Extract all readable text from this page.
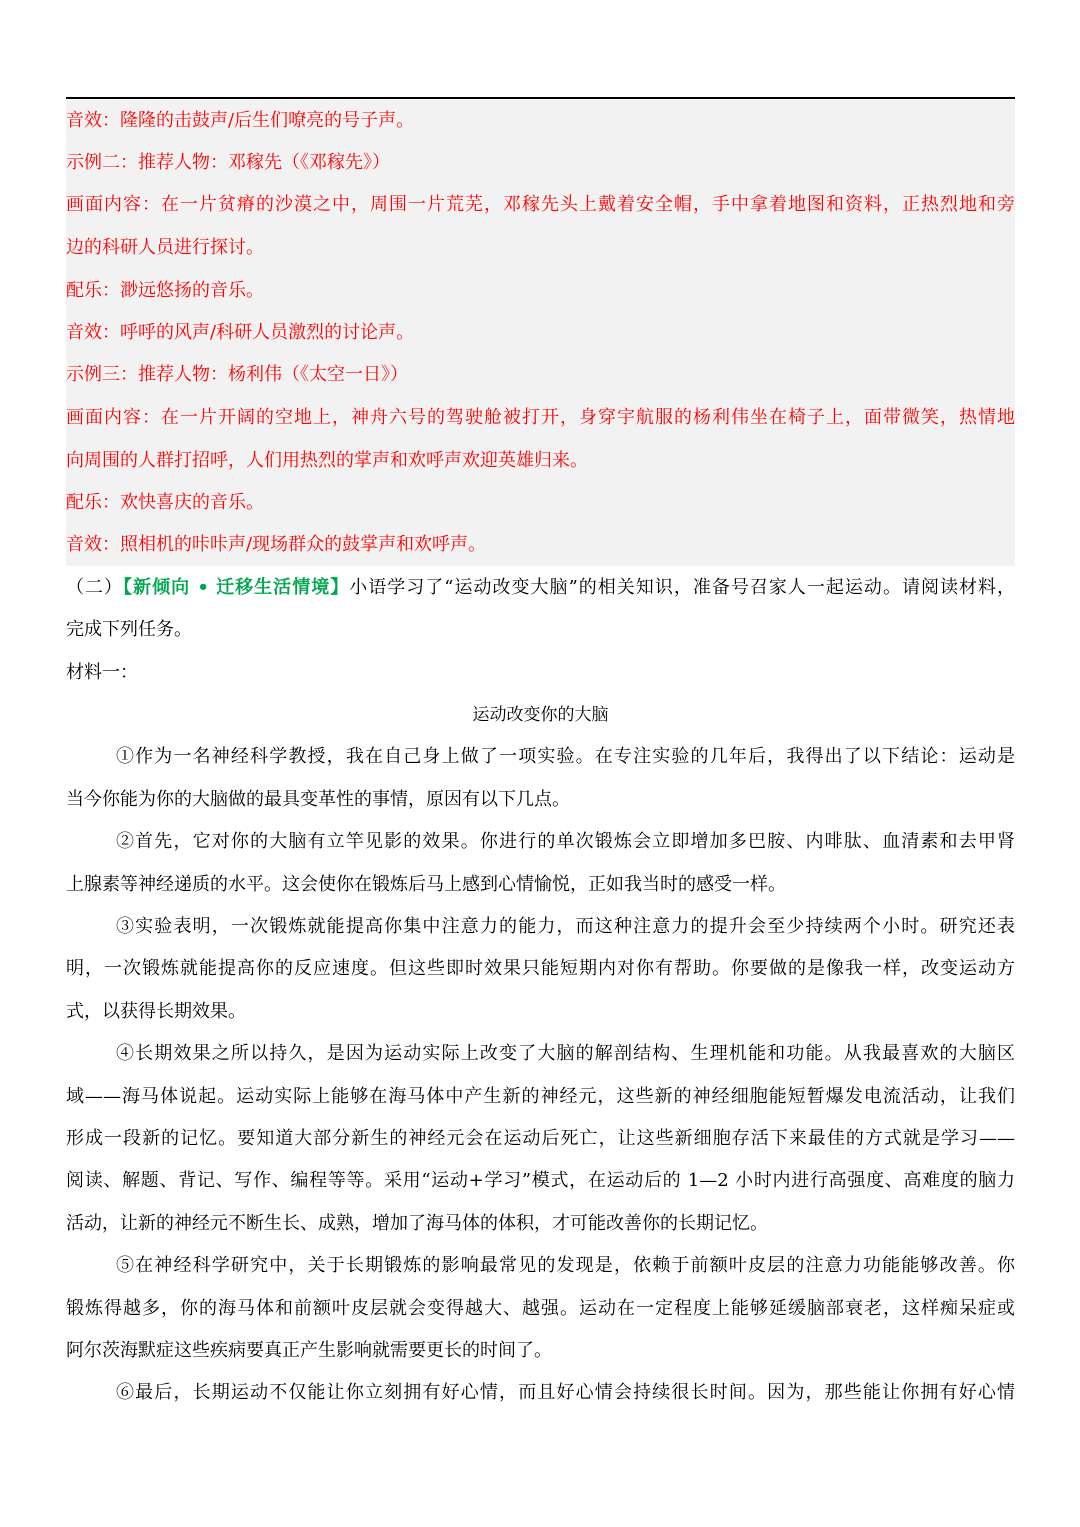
音效：隆隆的击鼓声/后生们嘹亮的号子声。
示例二：推荐人物：邓稼先（《邓稼先》）
画面内容：在一片贫瘠的沙漠之中，周围一片荒芜，邓稼先头上戴着安全帽，手中拿着地图和资料，正热烈地和旁
边的科研人员进行探讨。
配乐：渺远悠扬的音乐。
音效：呼呼的风声/科研人员激烈的讨论声。
示例三：推荐人物：杨利伟（《太空一日》）
画面内容：在一片开阔的空地上，神舟六号的驾驶舱被打开，身穿宇航服的杨利伟坐在椅子上，面带微笑，热情地
向周围的人群打招呼，人们用热烈的掌声和欢呼声欢迎英雄归来。
配乐：欢快喜庆的音乐。
音效：照相机的咔咔声/现场群众的鼓掌声和欢呼声。
（二）【新倾向 • 迁移生活情境】小语学习了“运动改变大脑”的相关知识，准备号召家人一起运动。请阅读材料，
完成下列任务。
材料一：
运动改变你的大脑
①作为一名神经科学教授，我在自己身上做了一项实验。在专注实验的几年后，我得出了以下结论：运动是
当今你能为你的大脑做的最具变革性的事情，原因有以下几点。
②首先，它对你的大脑有立竿见影的效果。你进行的单次锻炼会立即增加多巴胺、内啡肽、血清素和去甲肾
上腺素等神经递质的水平。这会使你在锻炼后马上感到心情愉悦，正如我当时的感受一样。
③实验表明，一次锻炼就能提高你集中注意力的能力，而这种注意力的提升会至少持续两个小时。研究还表
明，一次锻炼就能提高你的反应速度。但这些即时效果只能短期内对你有帮助。你要做的是像我一样，改变运动方
式，以获得长期效果。
④长期效果之所以持久，是因为运动实际上改变了大脑的解剖结构、生理机能和功能。从我最喜欢的大脑区
域——海马体说起。运动实际上能够在海马体中产生新的神经元，这些新的神经细胞能短暂爆发电流活动，让我们
形成一段新的记忆。要知道大部分新生的神经元会在运动后死亡，让这些新细胞存活下来最佳的方式就是学习——
阅读、解题、背记、写作、编程等等。采用“运动+学习”模式，在运动后的 1—2 小时内进行高强度、高难度的脑力
活动，让新的神经元不断生长、成熟，增加了海马体的体积，才可能改善你的长期记忆。
⑤在神经科学研究中，关于长期锻炼的影响最常见的发现是，依赖于前额叶皮层的注意力功能能够改善。你
锻炼得越多，你的海马体和前额叶皮层就会变得越大、越强。运动在一定程度上能够延缓脑部衰老，这样痴呆症或
阿尔茨海默症这些疾病要真正产生影响就需要更长的时间了。
⑥最后，长期运动不仅能让你立刻拥有好心情，而且好心情会持续很长时间。因为，那些能让你拥有好心情
